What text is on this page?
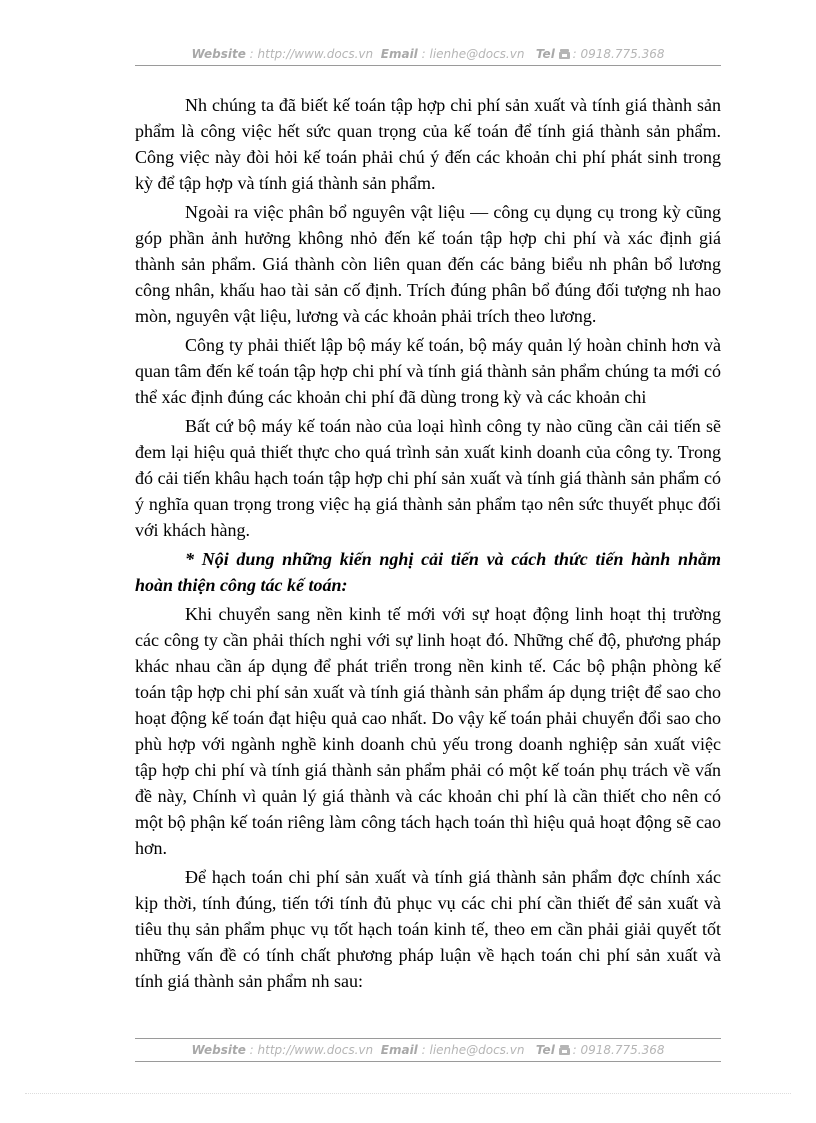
Website : http://www.docs.vn Email : lienhe@docs.vn Tel : 0918.775.368

Nh chúng ta đã biết kế toán tập hợp chi phí sản xuất và tính giá thành sản phẩm là công việc hết sức quan trọng của kế toán để tính giá thành sản phẩm. Công việc này đòi hỏi kế toán phải chú ý đến các khoản chi phí phát sinh trong kỳ để tập hợp và tính giá thành sản phẩm.

Ngoài ra việc phân bổ nguyên vật liệu — công cụ dụng cụ trong kỳ cũng góp phần ảnh hưởng không nhỏ đến kế toán tập hợp chi phí và xác định giá thành sản phẩm. Giá thành còn liên quan đến các bảng biểu nh phân bổ lương công nhân, khấu hao tài sản cố định. Trích đúng phân bổ đúng đối tượng nh hao mòn, nguyên vật liệu, lương và các khoản phải trích theo lương.

Công ty phải thiết lập bộ máy kế toán, bộ máy quản lý hoàn chỉnh hơn và quan tâm đến kế toán tập hợp chi phí và tính giá thành sản phẩm chúng ta mới có thể xác định đúng các khoản chi phí đã dùng trong kỳ và các khoản chi

Bất cứ bộ máy kế toán nào của loại hình công ty nào cũng cần cải tiến sẽ đem lại hiệu quả thiết thực cho quá trình sản xuất kinh doanh của công ty. Trong đó cải tiến khâu hạch toán tập hợp chi phí sản xuất và tính giá thành sản phẩm có ý nghĩa quan trọng trong việc hạ giá thành sản phẩm tạo nên sức thuyết phục đối với khách hàng.

* Nội dung những kiến nghị cải tiến và cách thức tiến hành nhằm hoàn thiện công tác kế toán:

Khi chuyển sang nền kinh tế mới với sự hoạt động linh hoạt thị trường các công ty cần phải thích nghi với sự linh hoạt đó. Những chế độ, phương pháp khác nhau cần áp dụng để phát triển trong nền kinh tế. Các bộ phận phòng kế toán tập hợp chi phí sản xuất và tính giá thành sản phẩm áp dụng triệt để sao cho hoạt động kế toán đạt hiệu quả cao nhất. Do vậy kế toán phải chuyển đổi sao cho phù hợp với ngành nghề kinh doanh chủ yếu trong doanh nghiệp sản xuất việc tập hợp chi phí và tính giá thành sản phẩm phải có một kế toán phụ trách về vấn đề này, Chính vì quản lý giá thành và các khoản chi phí là cần thiết cho nên có một bộ phận kế toán riêng làm công tách hạch toán thì hiệu quả hoạt động sẽ cao hơn.

Để hạch toán chi phí sản xuất và tính giá thành sản phẩm đợc chính xác kịp thời, tính đúng, tiến tới tính đủ phục vụ các chi phí cần thiết để sản xuất và tiêu thụ sản phẩm phục vụ tốt hạch toán kinh tế, theo em cần phải giải quyết tốt những vấn đề có tính chất phương pháp luận về hạch toán chi phí sản xuất và tính giá thành sản phẩm nh sau:

Website : http://www.docs.vn Email : lienhe@docs.vn Tel : 0918.775.368
